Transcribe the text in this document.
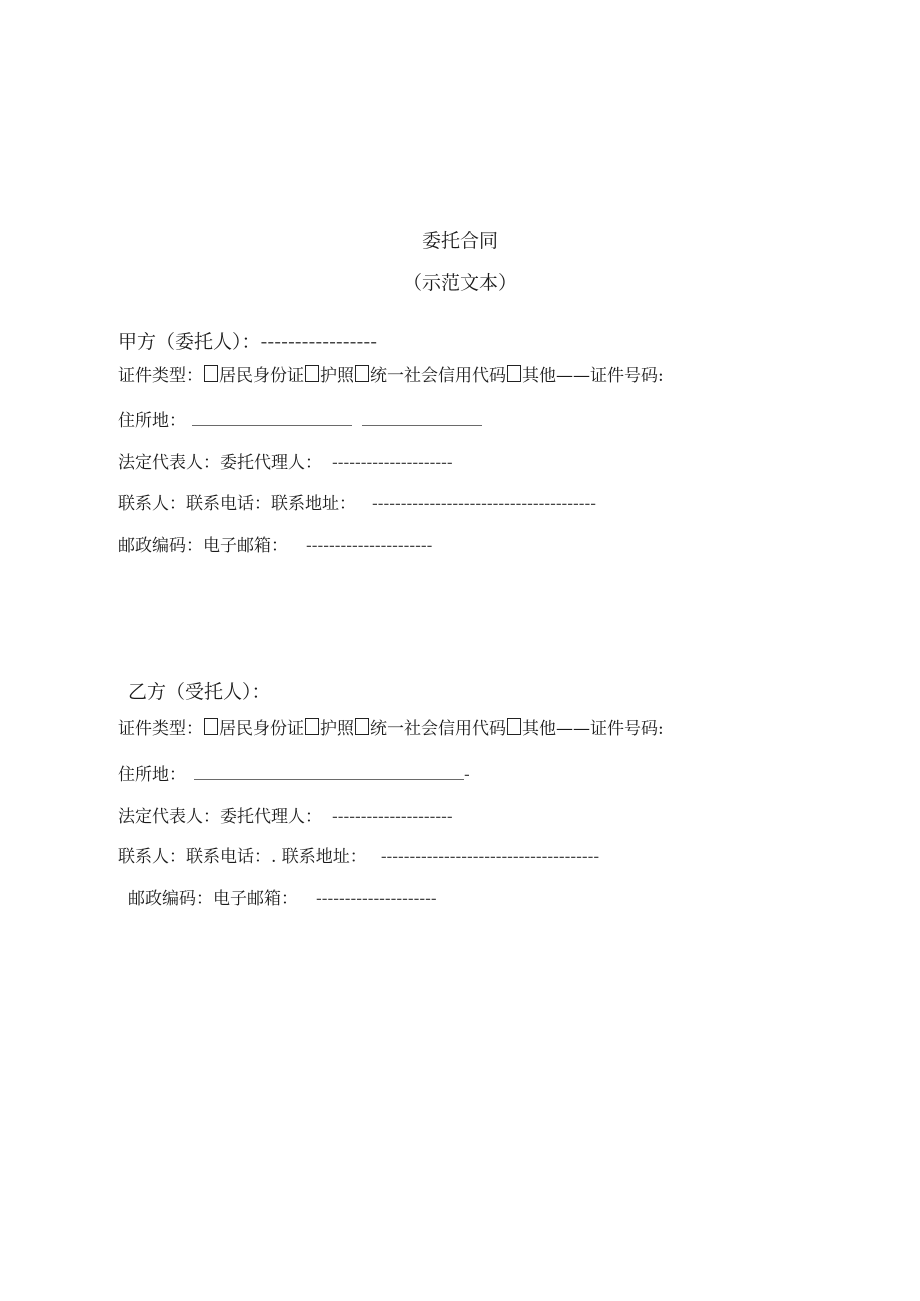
委托合同
（示范文本）
甲方（委托人）：-----------------
证件类型： 居民身份证 护照 统一社会信用代码 其他——证件号码:
住所地：
法定代表人：委托代理人： ---------------------
联系人：联系电话：联系地址： ---------------------------------------
邮政编码：电子邮箱： ----------------------
乙方（受托人）：
证件类型： 居民身份证 护照 统一社会信用代码 其他——证件号码:
住所地：	-
法定代表人：委托代理人： ---------------------
联系人：联系电话：. 联系地址： --------------------------------------
邮政编码：电子邮箱： ---------------------
